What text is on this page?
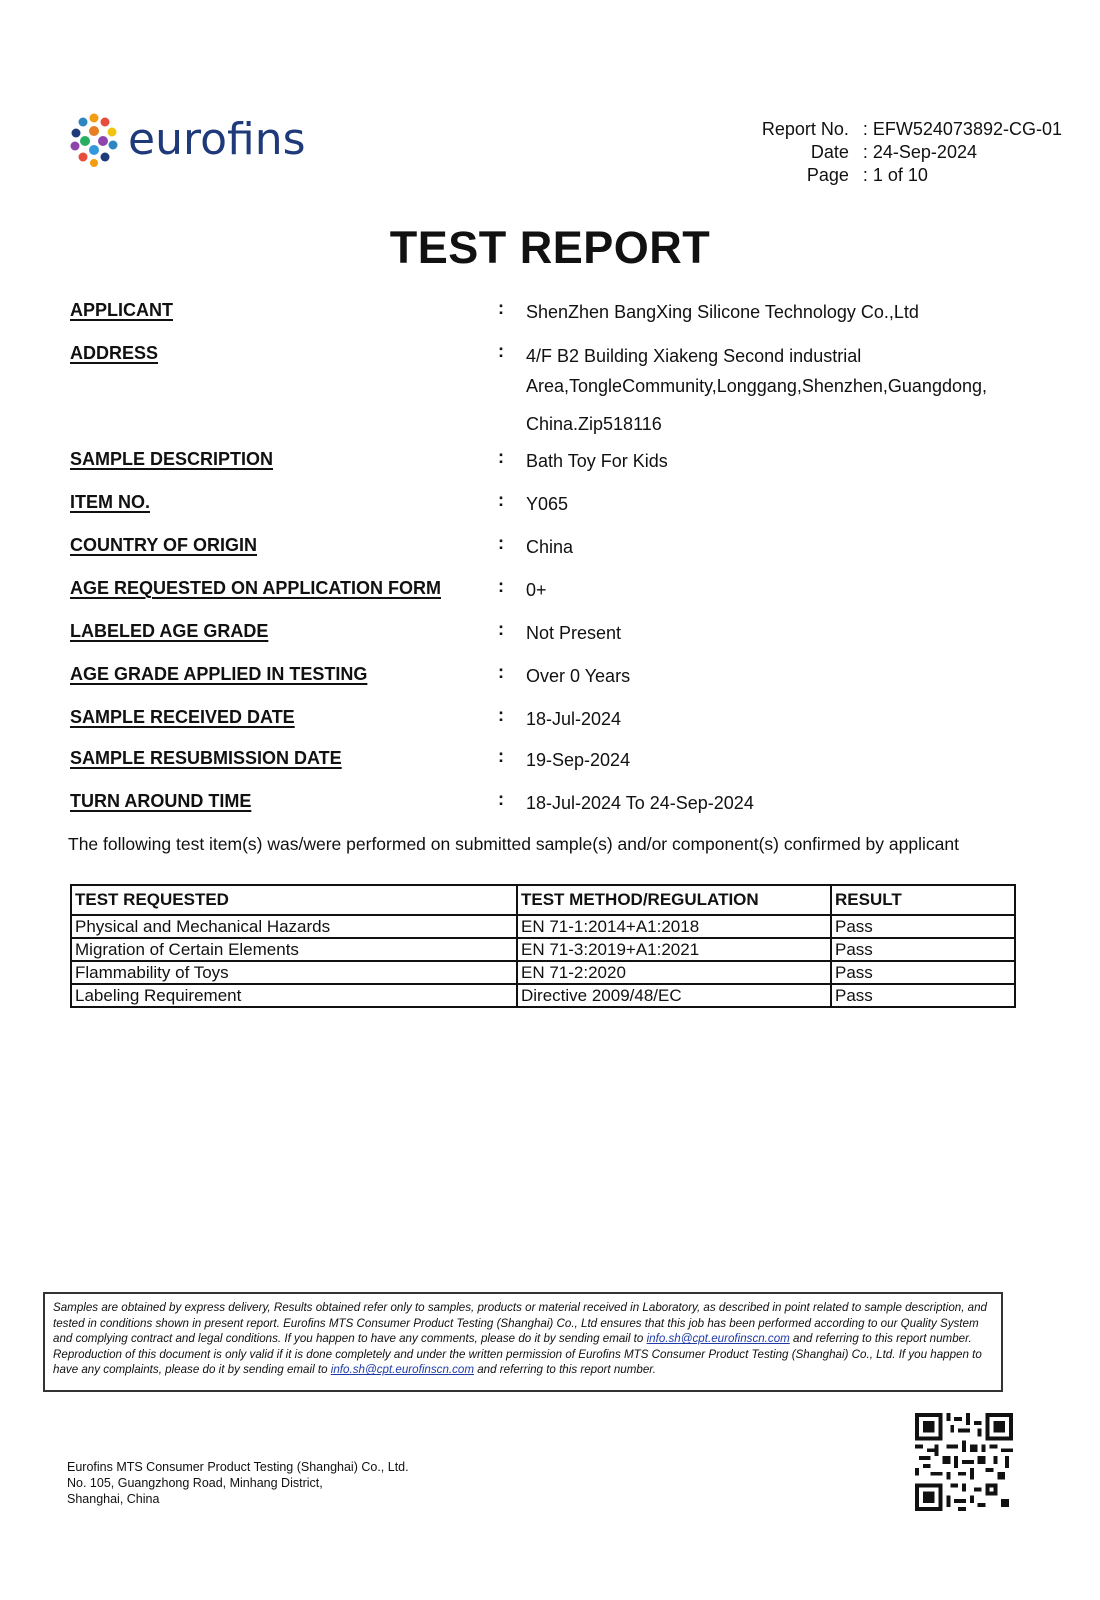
eurofins	Report No. : EFW524073892-CG-01
Date : 24-Sep-2024
Page : 1 of 10
TEST REPORT
APPLICANT	: ShenZhen BangXing Silicone Technology Co.,Ltd
ADDRESS	: 4/F B2 Building Xiakeng Second industrial
Area,TongleCommunity,Longgang,Shenzhen,Guangdong,
China.Zip518116
SAMPLE DESCRIPTION	: Bath Toy For Kids
ITEM NO.	: Y065
COUNTRY OF ORIGIN	: China
AGE REQUESTED ON APPLICATION FORM	: 0+
LABELED AGE GRADE	: Not Present
AGE GRADE APPLIED IN TESTING	: Over 0 Years
SAMPLE RECEIVED DATE	: 18-Jul-2024
SAMPLE RESUBMISSION DATE	: 19-Sep-2024
TURN AROUND TIME	: 18-Jul-2024 To 24-Sep-2024
The following test item(s) was/were performed on submitted sample(s) and/or component(s) confirmed by applicant
TEST REQUESTED	TEST METHOD/REGULATION	RESULT
Physical and Mechanical Hazards	EN 71-1:2014+A1:2018	Pass
Migration of Certain Elements	EN 71-3:2019+A1:2021	Pass
Flammability of Toys	EN 71-2:2020	Pass
Labeling Requirement	Directive 2009/48/EC	Pass
Samples are obtained by express delivery, Results obtained refer only to samples, products or material received in Laboratory, as described in point related to sample description, and tested in conditions shown in present report. Eurofins MTS Consumer Product Testing (Shanghai) Co., Ltd ensures that this job has been performed according to our Quality System and complying contract and legal conditions. If you happen to have any comments, please do it by sending email to info.sh@cpt.eurofinscn.com and referring to this report number. Reproduction of this document is only valid if it is done completely and under the written permission of Eurofins MTS Consumer Product Testing (Shanghai) Co., Ltd. If you happen to have any complaints, please do it by sending email to info.sh@cpt.eurofinscn.com and referring to this report number.
Eurofins MTS Consumer Product Testing (Shanghai) Co., Ltd.
No. 105, Guangzhong Road, Minhang District,
Shanghai, China
